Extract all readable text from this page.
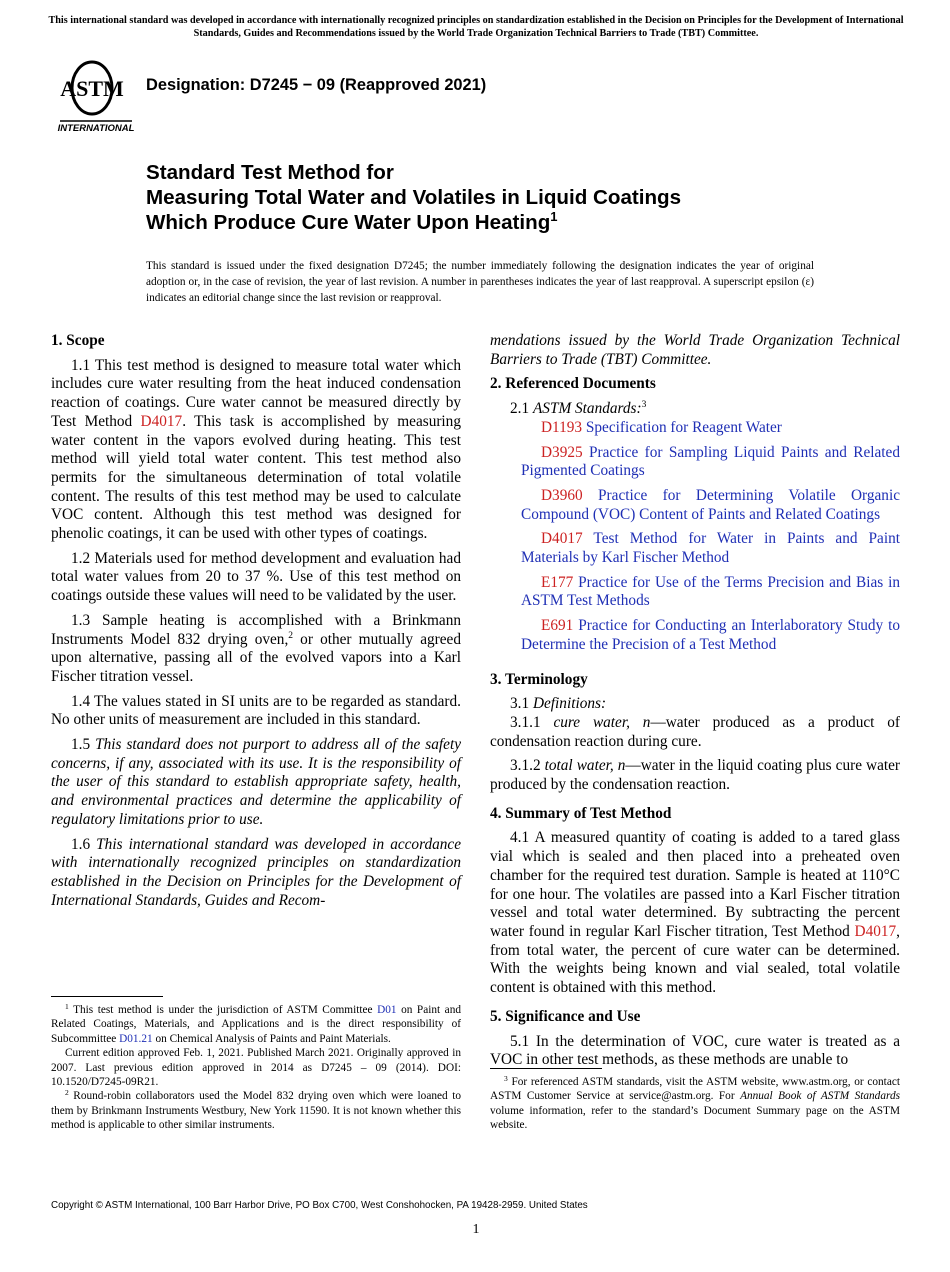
This international standard was developed in accordance with internationally recognized principles on standardization established in the Decision on Principles for the Development of International Standards, Guides and Recommendations issued by the World Trade Organization Technical Barriers to Trade (TBT) Committee.
ASTM
INTERNATIONAL
Designation: D7245 − 09 (Reapproved 2021)
Standard Test Method for
Measuring Total Water and Volatiles in Liquid Coatings
Which Produce Cure Water Upon Heating$^1$
This standard is issued under the fixed designation D7245; the number immediately following the designation indicates the year of original adoption or, in the case of revision, the year of last revision. A number in parentheses indicates the year of last reapproval. A superscript epsilon (ε) indicates an editorial change since the last revision or reapproval.
1. Scope

1.1 This test method is designed to measure total water which includes cure water resulting from the heat induced condensation reaction of coatings. Cure water cannot be measured directly by Test Method D4017. This task is accomplished by measuring water content in the vapors evolved during heating. This test method will yield total water content. This test method also permits for the simultaneous determination of total volatile content. The results of this test method may be used to calculate VOC content. Although this test method was designed for phenolic coatings, it can be used with other types of coatings.

1.2 Materials used for method development and evaluation had total water values from 20 to 37 %. Use of this test method on coatings outside these values will need to be validated by the user.

1.3 Sample heating is accomplished with a Brinkmann Instruments Model 832 drying oven,$^2$ or other mutually agreed upon alternative, passing all of the evolved vapors into a Karl Fischer titration vessel.

1.4 The values stated in SI units are to be regarded as standard. No other units of measurement are included in this standard.

1.5 This standard does not purport to address all of the safety concerns, if any, associated with its use. It is the responsibility of the user of this standard to establish appropriate safety, health, and environmental practices and determine the applicability of regulatory limitations prior to use.

1.6 This international standard was developed in accordance with internationally recognized principles on standardization established in the Decision on Principles for the Development of International Standards, Guides and Recom-

$^1$ This test method is under the jurisdiction of ASTM Committee D01 on Paint and Related Coatings, Materials, and Applications and is the direct responsibility of Subcommittee D01.21 on Chemical Analysis of Paints and Paint Materials.

Current edition approved Feb. 1, 2021. Published March 2021. Originally approved in 2007. Last previous edition approved in 2014 as D7245 – 09 (2014). DOI: 10.1520/D7245-09R21.

$^2$ Round-robin collaborators used the Model 832 drying oven which were loaned to them by Brinkmann Instruments Westbury, New York 11590. It is not known whether this method is applicable to other similar instruments.

mendations issued by the World Trade Organization Technical Barriers to Trade (TBT) Committee.

2. Referenced Documents

2.1 ASTM Standards:$^3$

D1193 Specification for Reagent Water

D3925 Practice for Sampling Liquid Paints and Related Pigmented Coatings

D3960 Practice for Determining Volatile Organic Compound (VOC) Content of Paints and Related Coatings

D4017 Test Method for Water in Paints and Paint Materials by Karl Fischer Method

E177 Practice for Use of the Terms Precision and Bias in ASTM Test Methods

E691 Practice for Conducting an Interlaboratory Study to Determine the Precision of a Test Method

3. Terminology

3.1 Definitions:

3.1.1 cure water, n—water produced as a product of condensation reaction during cure.

3.1.2 total water, n—water in the liquid coating plus cure water produced by the condensation reaction.

4. Summary of Test Method

4.1 A measured quantity of coating is added to a tared glass vial which is sealed and then placed into a preheated oven chamber for the required test duration. Sample is heated at 110°C for one hour. The volatiles are passed into a Karl Fischer titration vessel and total water determined. By subtracting the percent water found in regular Karl Fischer titration, Test Method D4017, from total water, the percent of cure water can be determined. With the weights being known and vial sealed, total volatile content is obtained with this method.

5. Significance and Use

5.1 In the determination of VOC, cure water is treated as a VOC in other test methods, as these methods are unable to

$^3$ For referenced ASTM standards, visit the ASTM website, www.astm.org, or contact ASTM Customer Service at service@astm.org. For Annual Book of ASTM Standards volume information, refer to the standard’s Document Summary page on the ASTM website.

Copyright © ASTM International, 100 Barr Harbor Drive, PO Box C700, West Conshohocken, PA 19428-2959. United States
1
